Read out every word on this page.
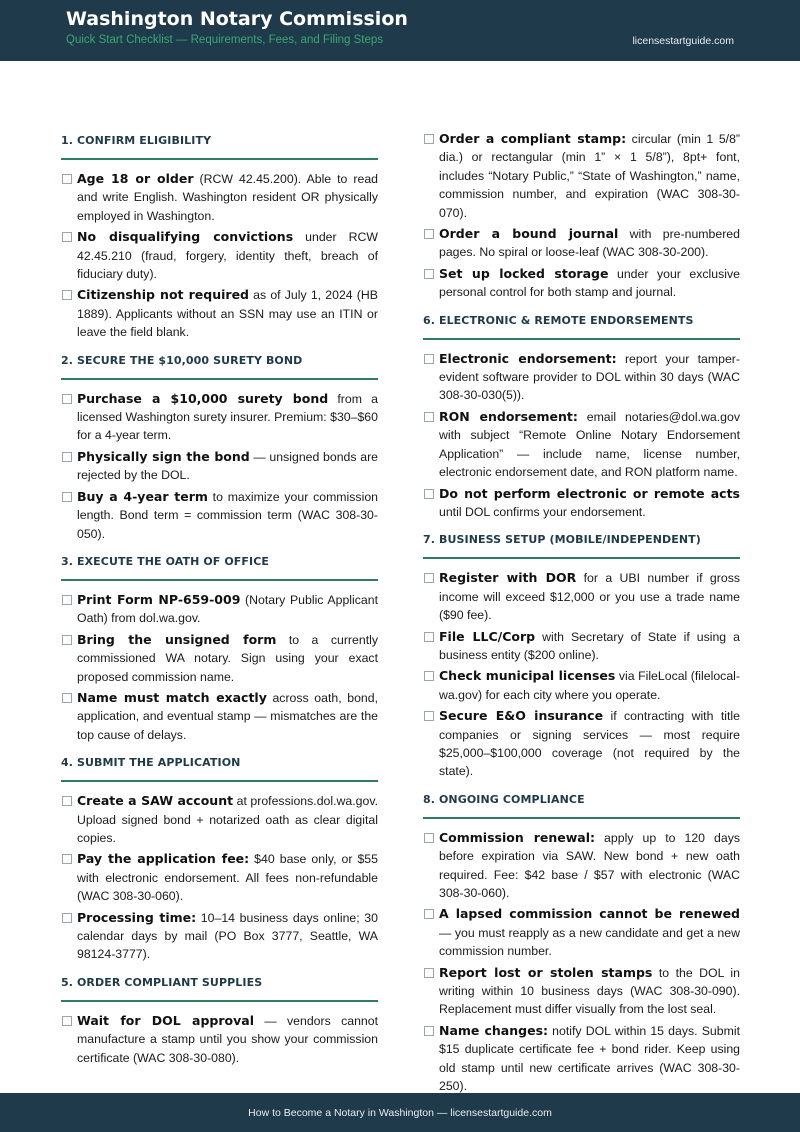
Washington Notary Commission
Quick Start Checklist — Requirements, Fees, and Filing Steps	licensestartguide.com
1. CONFIRM ELIGIBILITY
Age 18 or older (RCW 42.45.200). Able to read and write English. Washington resident OR physically employed in Washington.
No disqualifying convictions under RCW 42.45.210 (fraud, forgery, identity theft, breach of fiduciary duty).
Citizenship not required as of July 1, 2024 (HB 1889). Applicants without an SSN may use an ITIN or leave the field blank.
2. SECURE THE $10,000 SURETY BOND
Purchase a $10,000 surety bond from a licensed Washington surety insurer. Premium: $30–$60 for a 4-year term.
Physically sign the bond — unsigned bonds are rejected by the DOL.
Buy a 4-year term to maximize your commission length. Bond term = commission term (WAC 308-30-050).
3. EXECUTE THE OATH OF OFFICE
Print Form NP-659-009 (Notary Public Applicant Oath) from dol.wa.gov.
Bring the unsigned form to a currently commissioned WA notary. Sign using your exact proposed commission name.
Name must match exactly across oath, bond, application, and eventual stamp — mismatches are the top cause of delays.
4. SUBMIT THE APPLICATION
Create a SAW account at professions.dol.wa.gov. Upload signed bond + notarized oath as clear digital copies.
Pay the application fee: $40 base only, or $55 with electronic endorsement. All fees non-refundable (WAC 308-30-060).
Processing time: 10–14 business days online; 30 calendar days by mail (PO Box 3777, Seattle, WA 98124-3777).
5. ORDER COMPLIANT SUPPLIES
Wait for DOL approval — vendors cannot manufacture a stamp until you show your commission certificate (WAC 308-30-080).
Order a compliant stamp: circular (min 1 5/8” dia.) or rectangular (min 1” × 1 5/8”), 8pt+ font, includes “Notary Public,” “State of Washington,” name, commission number, and expiration (WAC 308-30-070).
Order a bound journal with pre-numbered pages. No spiral or loose-leaf (WAC 308-30-200).
Set up locked storage under your exclusive personal control for both stamp and journal.
6. ELECTRONIC & REMOTE ENDORSEMENTS
Electronic endorsement: report your tamper-evident software provider to DOL within 30 days (WAC 308-30-030(5)).
RON endorsement: email notaries@dol.wa.gov with subject “Remote Online Notary Endorsement Application” — include name, license number, electronic endorsement date, and RON platform name.
Do not perform electronic or remote acts until DOL confirms your endorsement.
7. BUSINESS SETUP (MOBILE/INDEPENDENT)
Register with DOR for a UBI number if gross income will exceed $12,000 or you use a trade name ($90 fee).
File LLC/Corp with Secretary of State if using a business entity ($200 online).
Check municipal licenses via FileLocal (filelocal-wa.gov) for each city where you operate.
Secure E&O insurance if contracting with title companies or signing services — most require $25,000–$100,000 coverage (not required by the state).
8. ONGOING COMPLIANCE
Commission renewal: apply up to 120 days before expiration via SAW. New bond + new oath required. Fee: $42 base / $57 with electronic (WAC 308-30-060).
A lapsed commission cannot be renewed — you must reapply as a new candidate and get a new commission number.
Report lost or stolen stamps to the DOL in writing within 10 business days (WAC 308-30-090). Replacement must differ visually from the lost seal.
Name changes: notify DOL within 15 days. Submit $15 duplicate certificate fee + bond rider. Keep using old stamp until new certificate arrives (WAC 308-30-250).
How to Become a Notary in Washington — licensestartguide.com
